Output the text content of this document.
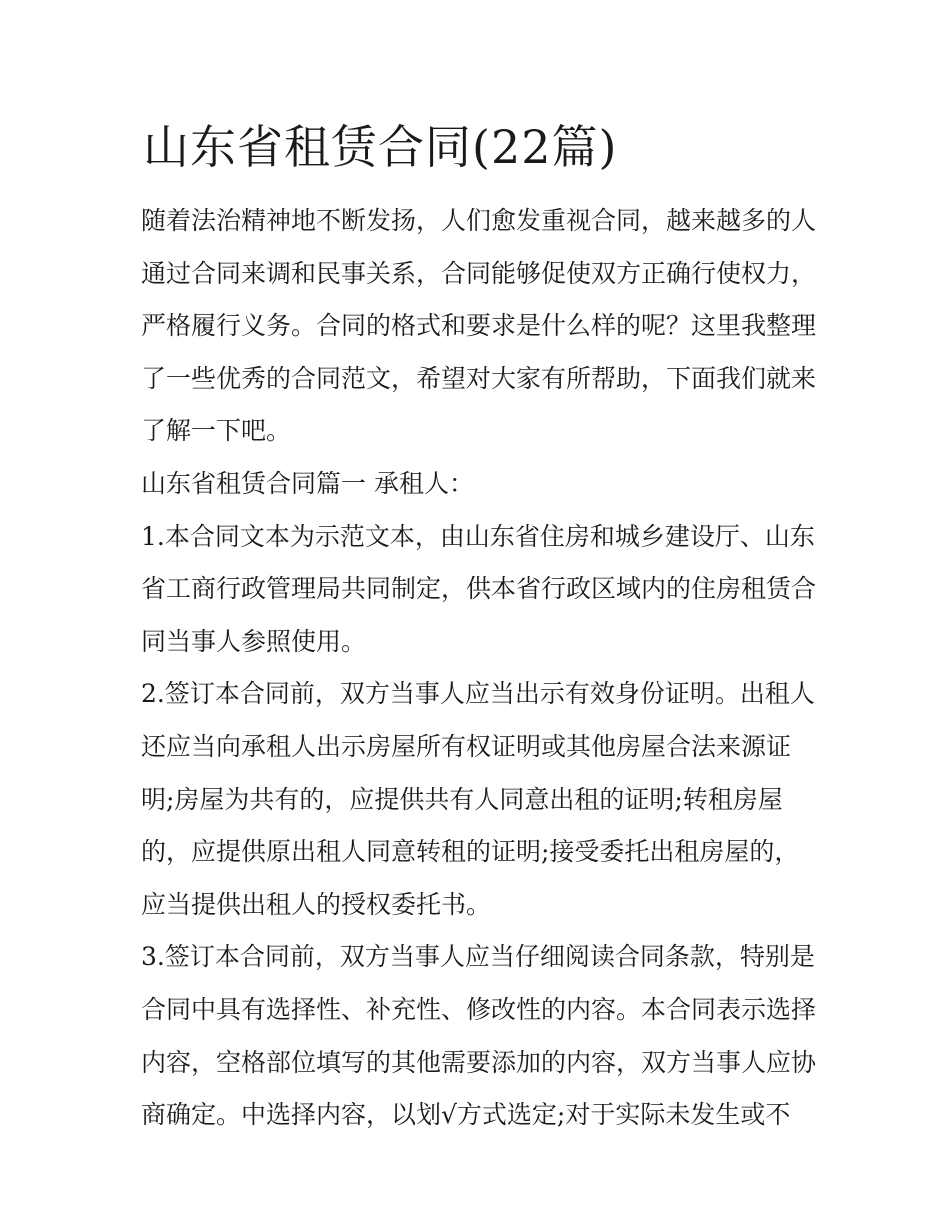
山东省租赁合同(22篇)

随着法治精神地不断发扬，人们愈发重视合同，越来越多的人

通过合同来调和民事关系，合同能够促使双方正确行使权力，

严格履行义务。合同的格式和要求是什么样的呢？这里我整理

了一些优秀的合同范文，希望对大家有所帮助，下面我们就来

了解一下吧。

山东省租赁合同篇一 承租人：

1.本合同文本为示范文本，由山东省住房和城乡建设厅、山东

省工商行政管理局共同制定，供本省行政区域内的住房租赁合

同当事人参照使用。

2.签订本合同前，双方当事人应当出示有效身份证明。出租人

还应当向承租人出示房屋所有权证明或其他房屋合法来源证

明;房屋为共有的，应提供共有人同意出租的证明;转租房屋

的，应提供原出租人同意转租的证明;接受委托出租房屋的，

应当提供出租人的授权委托书。

3.签订本合同前，双方当事人应当仔细阅读合同条款，特别是

合同中具有选择性、补充性、修改性的内容。本合同表示选择

内容，空格部位填写的其他需要添加的内容，双方当事人应协

商确定。中选择内容，以划√方式选定;对于实际未发生或不
